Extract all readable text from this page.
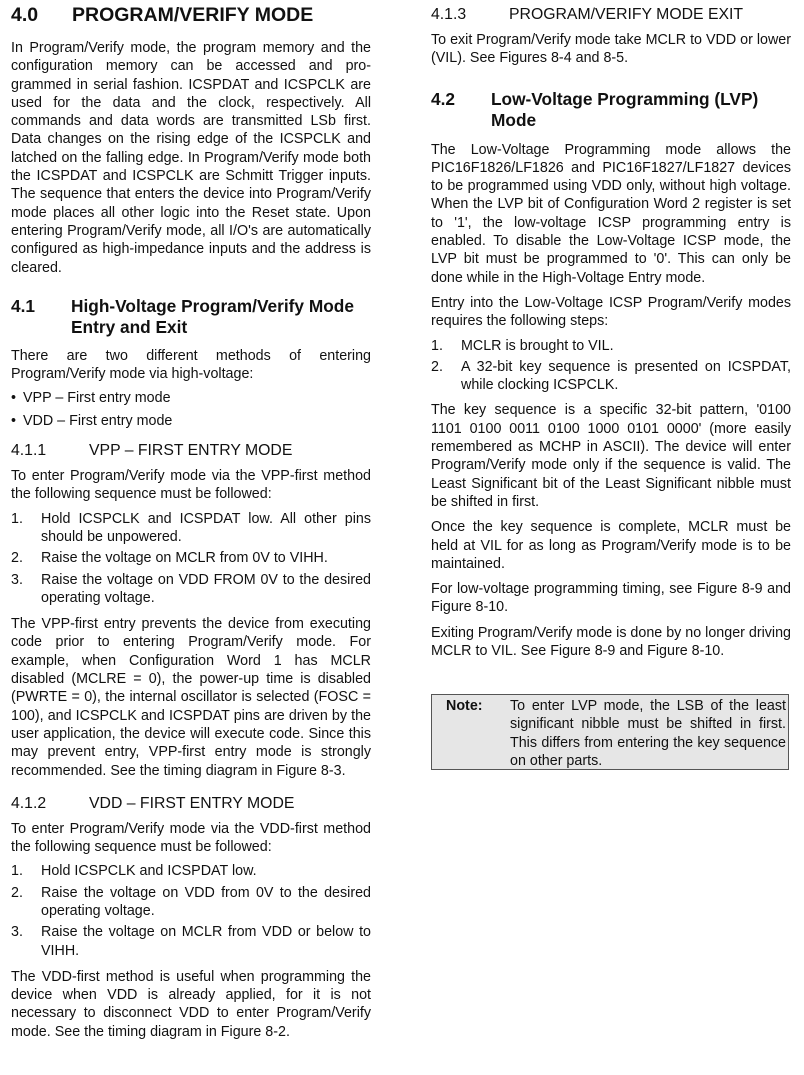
4.0	PROGRAM/VERIFY MODE

In Program/Verify mode, the program memory and the configuration memory can be accessed and pro-grammed in serial fashion. ICSPDAT and ICSPCLK are used for the data and the clock, respectively. All commands and data words are transmitted LSb first. Data changes on the rising edge of the ICSPCLK and latched on the falling edge. In Program/Verify mode both the ICSPDAT and ICSPCLK are Schmitt Trigger inputs. The sequence that enters the device into Program/Verify mode places all other logic into the Reset state. Upon entering Program/Verify mode, all I/O's are automatically configured as high-impedance inputs and the address is cleared.

4.1	High-Voltage Program/Verify Mode Entry and Exit

There are two different methods of entering Program/Verify mode via high-voltage:

• VPP – First entry mode
• VDD – First entry mode
4.1.1	VPP – FIRST ENTRY MODE

To enter Program/Verify mode via the VPP-first method the following sequence must be followed:

1.	Hold ICSPCLK and ICSPDAT low. All other pins should be unpowered.
2.	Raise the voltage on MCLR from 0V to VIHH.
3.	Raise the voltage on VDD FROM 0V to the desired operating voltage.

The VPP-first entry prevents the device from executing code prior to entering Program/Verify mode. For example, when Configuration Word 1 has MCLR disabled (MCLRE = 0), the power-up time is disabled (PWRTE = 0), the internal oscillator is selected (FOSC = 100), and ICSPCLK and ICSPDAT pins are driven by the user application, the device will execute code. Since this may prevent entry, VPP-first entry mode is strongly recommended. See the timing diagram in Figure 8-3.

4.1.2	VDD – FIRST ENTRY MODE

To enter Program/Verify mode via the VDD-first method the following sequence must be followed:

1.	Hold ICSPCLK and ICSPDAT low.
2.	Raise the voltage on VDD from 0V to the desired operating voltage.
3.	Raise the voltage on MCLR from VDD or below to VIHH.

The VDD-first method is useful when programming the device when VDD is already applied, for it is not necessary to disconnect VDD to enter Program/Verify mode. See the timing diagram in Figure 8-2.

4.1.3	PROGRAM/VERIFY MODE EXIT

To exit Program/Verify mode take MCLR to VDD or lower (VIL). See Figures 8-4 and 8-5.

4.2	Low-Voltage Programming (LVP) Mode

The Low-Voltage Programming mode allows the PIC16F1826/LF1826 and PIC16F1827/LF1827 devices to be programmed using VDD only, without high voltage. When the LVP bit of Configuration Word 2 register is set to '1', the low-voltage ICSP programming entry is enabled. To disable the Low-Voltage ICSP mode, the LVP bit must be programmed to '0'. This can only be done while in the High-Voltage Entry mode.

Entry into the Low-Voltage ICSP Program/Verify modes requires the following steps:

1.	MCLR is brought to VIL.
2.	A 32-bit key sequence is presented on ICSPDAT, while clocking ICSPCLK.

The key sequence is a specific 32-bit pattern, '0100 1101 0100 0011 0100 1000 0101 0000' (more easily remembered as MCHP in ASCII). The device will enter Program/Verify mode only if the sequence is valid. The Least Significant bit of the Least Significant nibble must be shifted in first.

Once the key sequence is complete, MCLR must be held at VIL for as long as Program/Verify mode is to be maintained.

For low-voltage programming timing, see Figure 8-9 and Figure 8-10.

Exiting Program/Verify mode is done by no longer driving MCLR to VIL. See Figure 8-9 and Figure 8-10.

Note: To enter LVP mode, the LSB of the least significant nibble must be shifted in first. This differs from entering the key sequence on other parts.
